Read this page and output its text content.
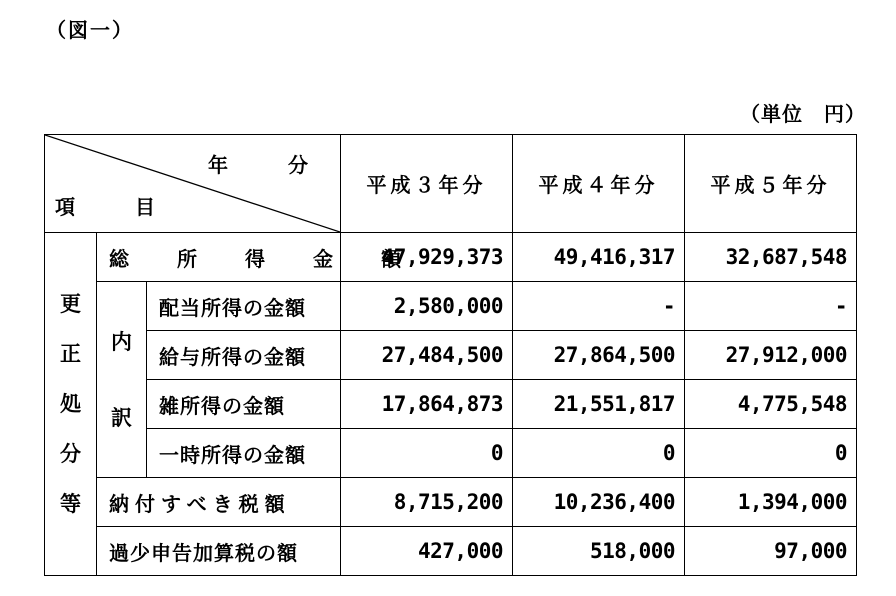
（図一）
（単位　円）
年　分
項　目			平成３年分	平成４年分	平成５年分
更
正
処
分
等	総　所　得　金　額		47,929,373	49,416,317	32,687,548
	内

訳	配当所得の金額	2,580,000	-	-
		給与所得の金額	27,484,500	27,864,500	27,912,000
		雑所得の金額	17,864,873	21,551,817	4,775,548
		一時所得の金額	0	0	0
	納付すべき税額		8,715,200	10,236,400	1,394,000
	過少申告加算税の額		427,000	518,000	97,000
